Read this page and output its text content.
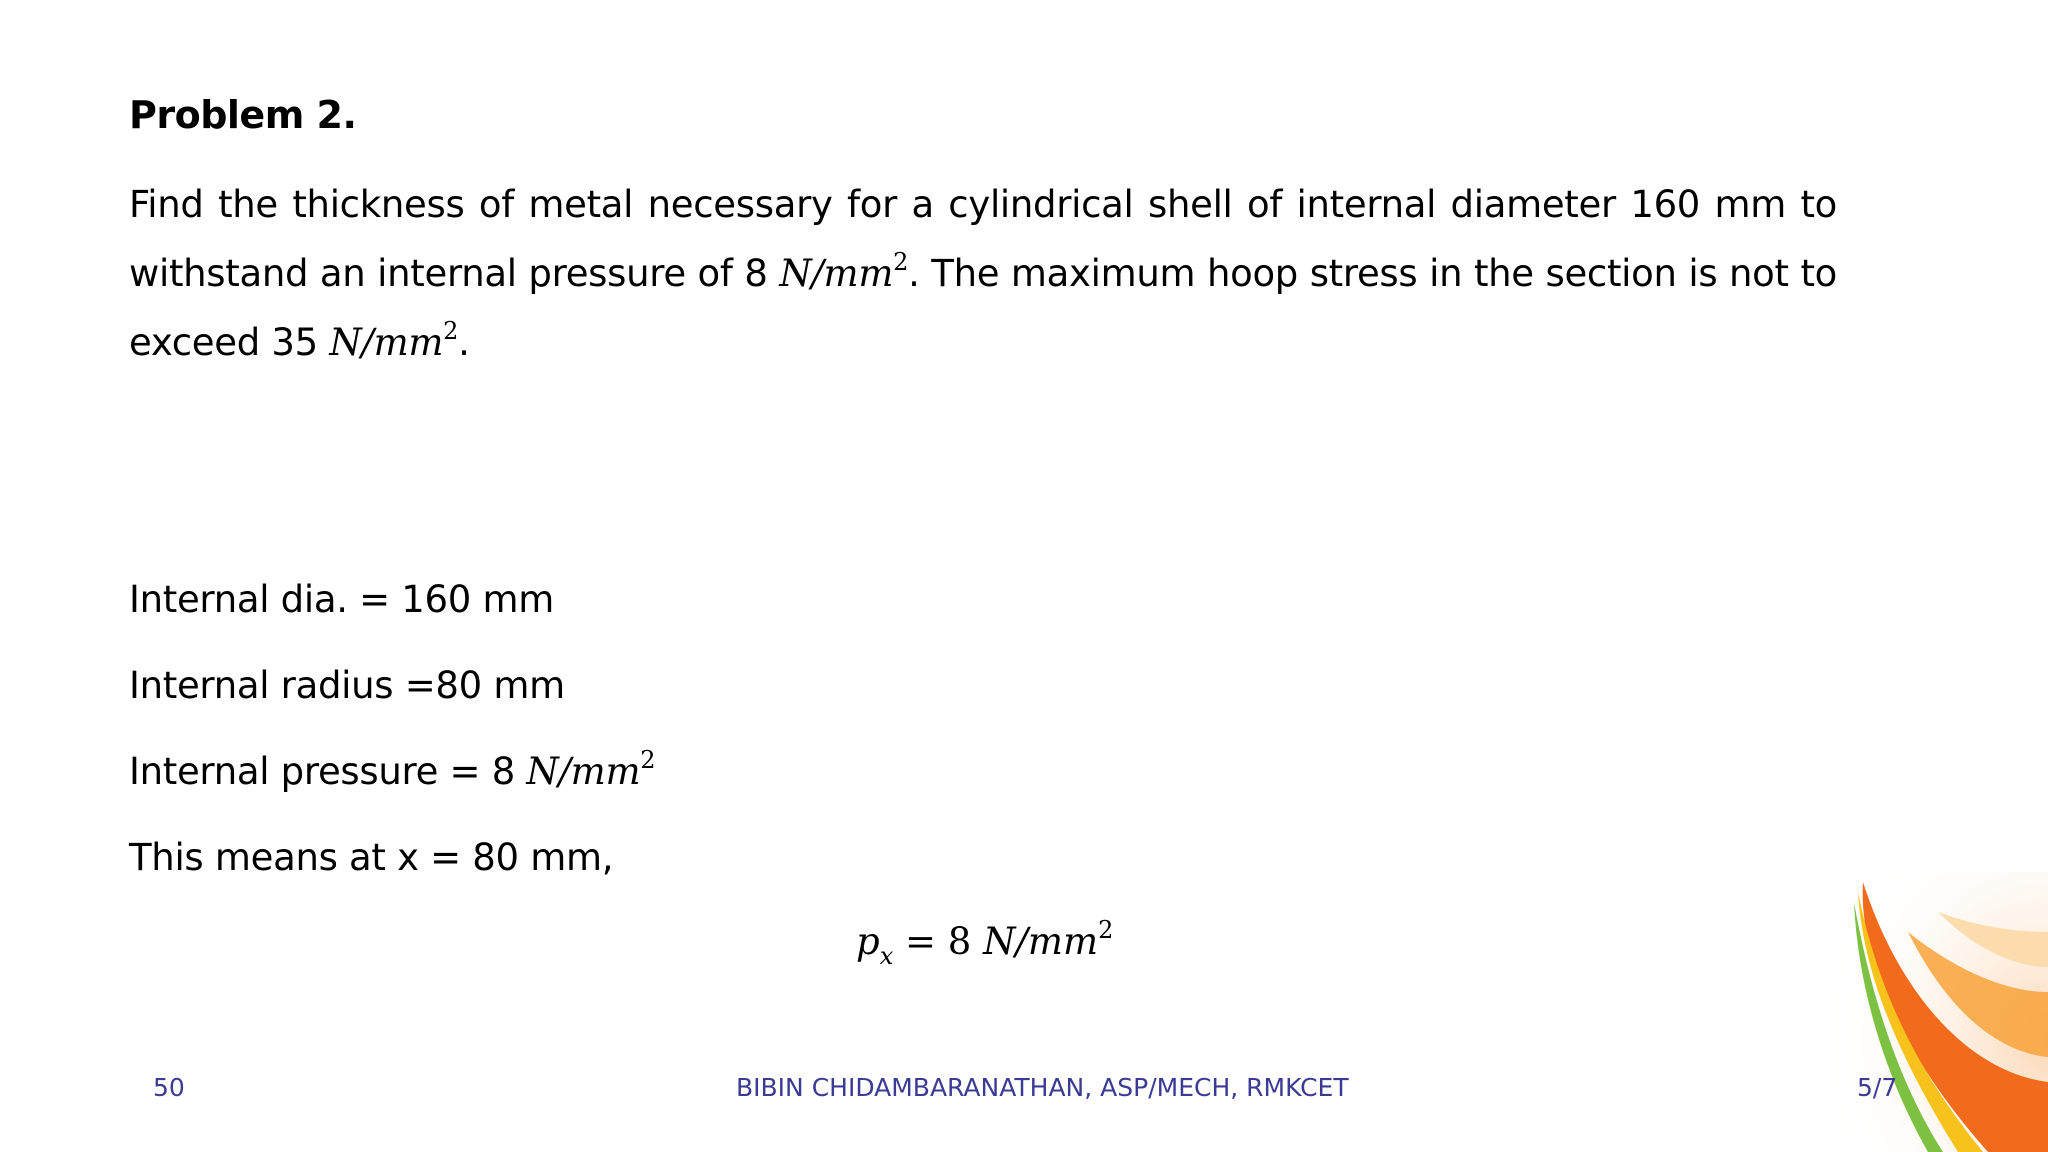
Problem 2.
Find the thickness of metal necessary for a cylindrical shell of internal diameter 160 mm to withstand an internal pressure of 8 $N/mm^2$. The maximum hoop stress in the section is not to exceed 35 $N/mm^2$.
Internal dia. = 160 mm
Internal radius =80 mm
Internal pressure = 8 $N/mm^2$
This means at x = 80 mm,
$p_x = 8$ $N/mm^2$
50	BIBIN CHIDAMBARANATHAN, ASP/MECH, RMKCET	5/7
